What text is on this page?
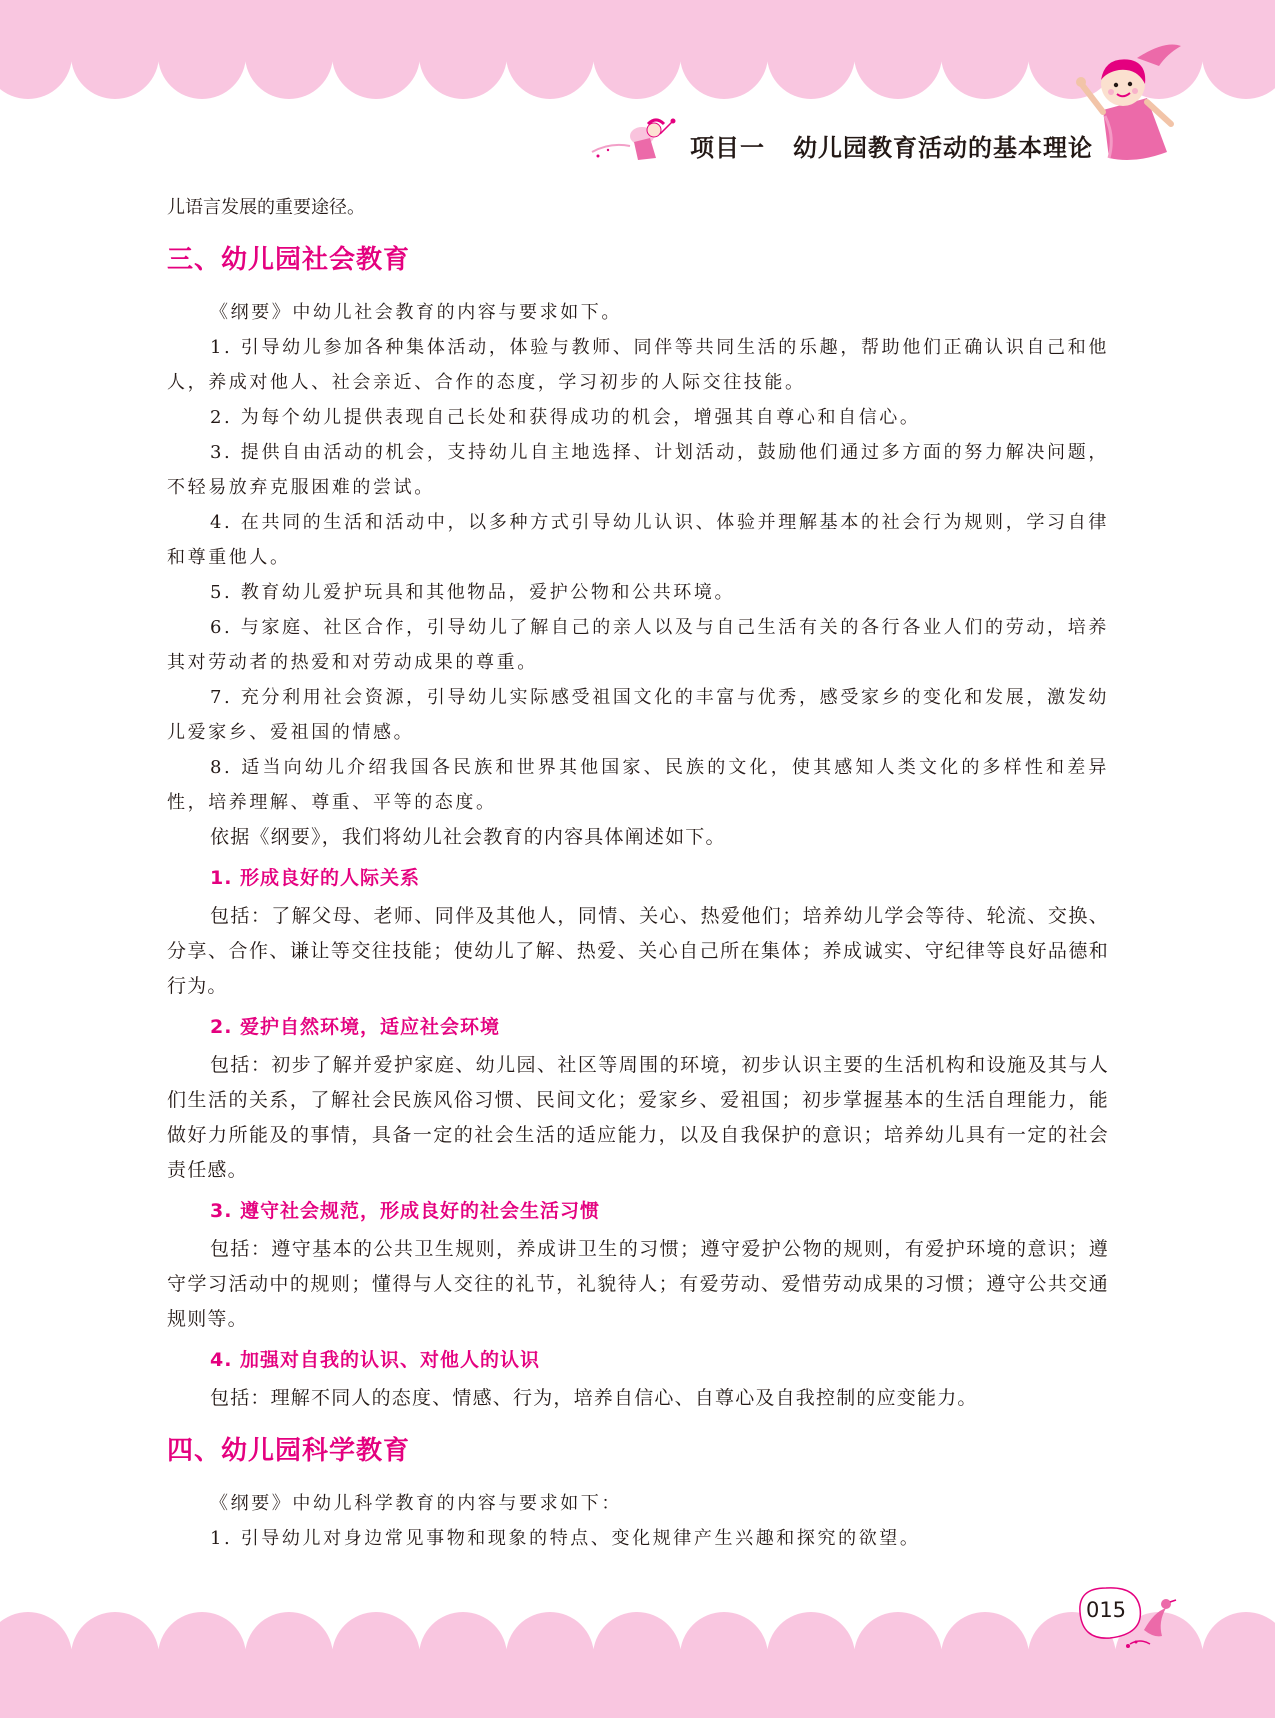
项目一 幼儿园教育活动的基本理论

儿语言发展的重要途径。

三、幼儿园社会教育

《纲要》中幼儿社会教育的内容与要求如下。

1. 引导幼儿参加各种集体活动，体验与教师、同伴等共同生活的乐趣，帮助他们正确认识自己和他人，养成对他人、社会亲近、合作的态度，学习初步的人际交往技能。

2. 为每个幼儿提供表现自己长处和获得成功的机会，增强其自尊心和自信心。

3. 提供自由活动的机会，支持幼儿自主地选择、计划活动，鼓励他们通过多方面的努力解决问题，不轻易放弃克服困难的尝试。

4. 在共同的生活和活动中，以多种方式引导幼儿认识、体验并理解基本的社会行为规则，学习自律和尊重他人。

5. 教育幼儿爱护玩具和其他物品，爱护公物和公共环境。

6. 与家庭、社区合作，引导幼儿了解自己的亲人以及与自己生活有关的各行各业人们的劳动，培养其对劳动者的热爱和对劳动成果的尊重。

7. 充分利用社会资源，引导幼儿实际感受祖国文化的丰富与优秀，感受家乡的变化和发展，激发幼儿爱家乡、爱祖国的情感。

8. 适当向幼儿介绍我国各民族和世界其他国家、民族的文化，使其感知人类文化的多样性和差异性，培养理解、尊重、平等的态度。

依据《纲要》，我们将幼儿社会教育的内容具体阐述如下。

1. 形成良好的人际关系

包括：了解父母、老师、同伴及其他人，同情、关心、热爱他们；培养幼儿学会等待、轮流、交换、分享、合作、谦让等交往技能；使幼儿了解、热爱、关心自己所在集体；养成诚实、守纪律等良好品德和行为。

2. 爱护自然环境，适应社会环境

包括：初步了解并爱护家庭、幼儿园、社区等周围的环境，初步认识主要的生活机构和设施及其与人们生活的关系，了解社会民族风俗习惯、民间文化；爱家乡、爱祖国；初步掌握基本的生活自理能力，能做好力所能及的事情，具备一定的社会生活的适应能力，以及自我保护的意识；培养幼儿具有一定的社会责任感。

3. 遵守社会规范，形成良好的社会生活习惯

包括：遵守基本的公共卫生规则，养成讲卫生的习惯；遵守爱护公物的规则，有爱护环境的意识；遵守学习活动中的规则；懂得与人交往的礼节，礼貌待人；有爱劳动、爱惜劳动成果的习惯；遵守公共交通规则等。

4. 加强对自我的认识、对他人的认识

包括：理解不同人的态度、情感、行为，培养自信心、自尊心及自我控制的应变能力。

四、幼儿园科学教育

《纲要》中幼儿科学教育的内容与要求如下：

1. 引导幼儿对身边常见事物和现象的特点、变化规律产生兴趣和探究的欲望。

015
